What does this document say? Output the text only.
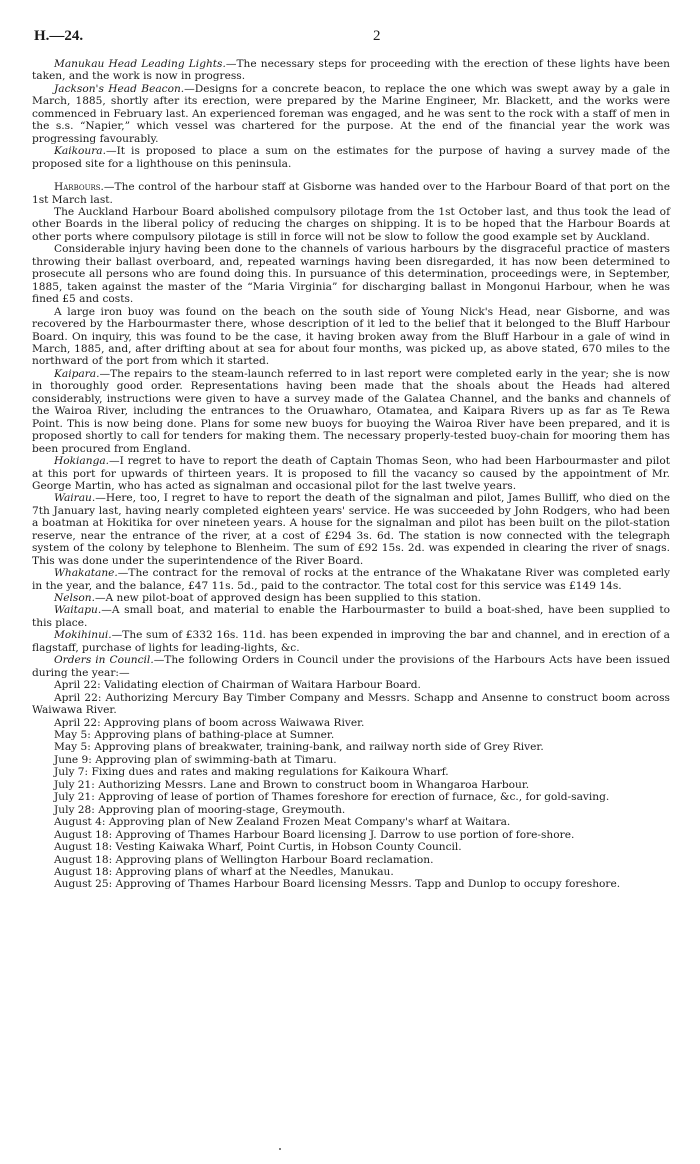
H.—24.	2

Manukau Head Leading Lights.—The necessary steps for proceeding with the erection of these lights have been taken, and the work is now in progress.

Jackson's Head Beacon.—Designs for a concrete beacon, to replace the one which was swept away by a gale in March, 1885, shortly after its erection, were prepared by the Marine Engineer, Mr. Blackett, and the works were commenced in February last. An experienced foreman was engaged, and he was sent to the rock with a staff of men in the s.s. “Napier,” which vessel was chartered for the purpose. At the end of the financial year the work was progressing favourably.

Kaikoura.—It is proposed to place a sum on the estimates for the purpose of having a survey made of the proposed site for a lighthouse on this peninsula.

Harbours.—The control of the harbour staff at Gisborne was handed over to the Harbour Board of that port on the 1st March last.

The Auckland Harbour Board abolished compulsory pilotage from the 1st October last, and thus took the lead of other Boards in the liberal policy of reducing the charges on shipping. It is to be hoped that the Harbour Boards at other ports where compulsory pilotage is still in force will not be slow to follow the good example set by Auckland.

Considerable injury having been done to the channels of various harbours by the disgraceful practice of masters throwing their ballast overboard, and, repeated warnings having been disregarded, it has now been determined to prosecute all persons who are found doing this. In pursuance of this determination, proceedings were, in September, 1885, taken against the master of the “Maria Virginia” for discharging ballast in Mongonui Harbour, when he was fined £5 and costs.

A large iron buoy was found on the beach on the south side of Young Nick's Head, near Gisborne, and was recovered by the Harbourmaster there, whose description of it led to the belief that it belonged to the Bluff Harbour Board. On inquiry, this was found to be the case, it having broken away from the Bluff Harbour in a gale of wind in March, 1885, and, after drifting about at sea for about four months, was picked up, as above stated, 670 miles to the northward of the port from which it started.

Kaipara.—The repairs to the steam-launch referred to in last report were completed early in the year; she is now in thoroughly good order. Representations having been made that the shoals about the Heads had altered considerably, instructions were given to have a survey made of the Galatea Channel, and the banks and channels of the Wairoa River, including the entrances to the Oruawharo, Otamatea, and Kaipara Rivers up as far as Te Rewa Point. This is now being done. Plans for some new buoys for buoying the Wairoa River have been prepared, and it is proposed shortly to call for tenders for making them. The necessary properly-tested buoy-chain for mooring them has been procured from England.

Hokianga.—I regret to have to report the death of Captain Thomas Seon, who had been Harbourmaster and pilot at this port for upwards of thirteen years. It is proposed to fill the vacancy so caused by the appointment of Mr. George Martin, who has acted as signalman and occasional pilot for the last twelve years.

Wairau.—Here, too, I regret to have to report the death of the signalman and pilot, James Bulliff, who died on the 7th January last, having nearly completed eighteen years' service. He was succeeded by John Rodgers, who had been a boatman at Hokitika for over nineteen years. A house for the signalman and pilot has been built on the pilot-station reserve, near the entrance of the river, at a cost of £294 3s. 6d. The station is now connected with the telegraph system of the colony by telephone to Blenheim. The sum of £92 15s. 2d. was expended in clearing the river of snags. This was done under the superintendence of the River Board.

Whakatane.—The contract for the removal of rocks at the entrance of the Whakatane River was completed early in the year, and the balance, £47 11s. 5d., paid to the contractor. The total cost for this service was £149 14s.

Nelson.—A new pilot-boat of approved design has been supplied to this station.

Waitapu.—A small boat, and material to enable the Harbourmaster to build a boat-shed, have been supplied to this place.

Mokihinui.—The sum of £332 16s. 11d. has been expended in improving the bar and channel, and in erection of a flagstaff, purchase of lights for leading-lights, &c.

Orders in Council.—The following Orders in Council under the provisions of the Harbours Acts have been issued during the year:—

April 22: Validating election of Chairman of Waitara Harbour Board.

April 22: Authorizing Mercury Bay Timber Company and Messrs. Schapp and Ansenne to construct boom across Waiwawa River.

April 22: Approving plans of boom across Waiwawa River.

May 5: Approving plans of bathing-place at Sumner.

May 5: Approving plans of breakwater, training-bank, and railway north side of Grey River.

June 9: Approving plan of swimming-bath at Timaru.

July 7: Fixing dues and rates and making regulations for Kaikoura Wharf.

July 21: Authorizing Messrs. Lane and Brown to construct boom in Whangaroa Harbour.

July 21: Approving of lease of portion of Thames foreshore for erection of furnace, &c., for gold-saving.

July 28: Approving plan of mooring-stage, Greymouth.

August 4: Approving plan of New Zealand Frozen Meat Company's wharf at Waitara.

August 18: Approving of Thames Harbour Board licensing J. Darrow to use portion of fore-shore.

August 18: Vesting Kaiwaka Wharf, Point Curtis, in Hobson County Council.

August 18: Approving plans of Wellington Harbour Board reclamation.

August 18: Approving plans of wharf at the Needles, Manukau.

August 25: Approving of Thames Harbour Board licensing Messrs. Tapp and Dunlop to occupy foreshore.
